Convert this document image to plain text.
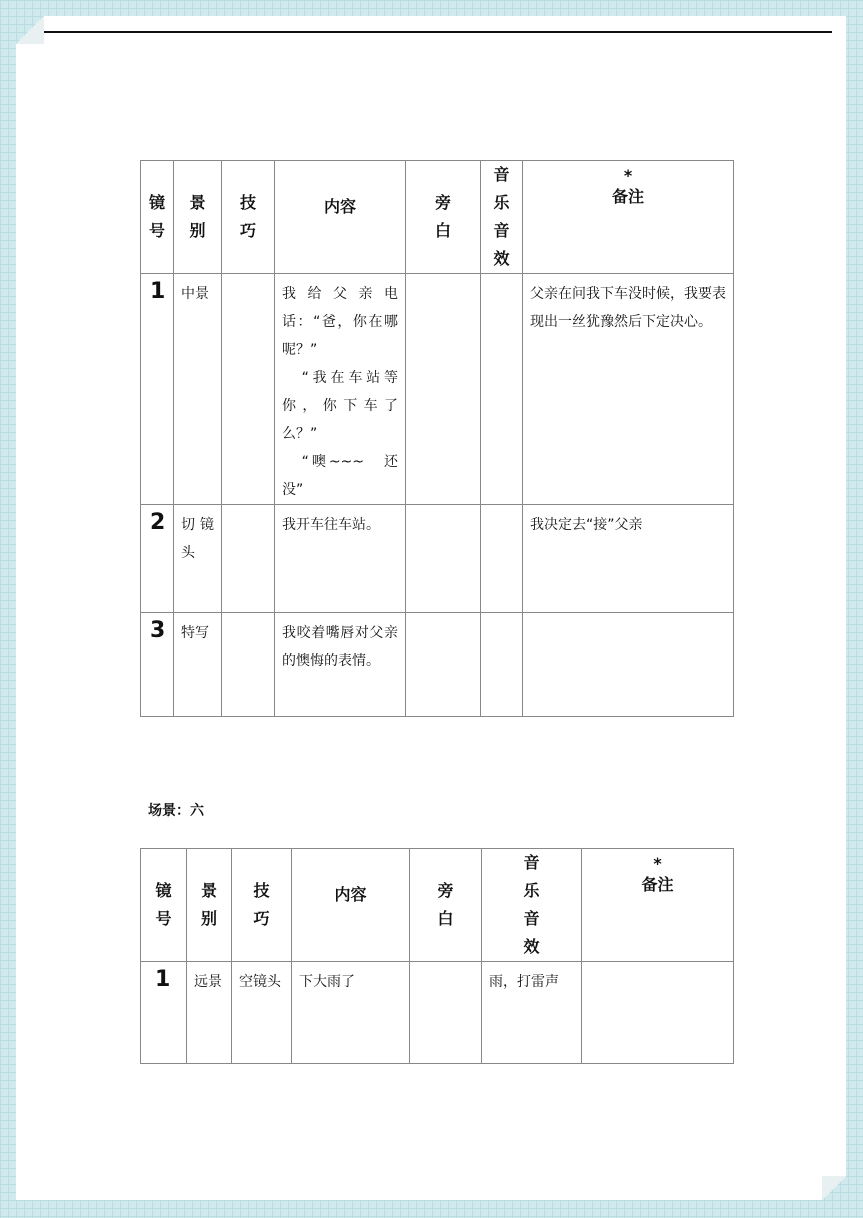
镜号	景别	技巧	内容	旁白	音乐音效	*
备注

1	中景		我给父亲电话：“爸，你在哪呢？”
“我在车站等你，你下车了么？”
“噢~~~　还没”			父亲在问我下车没时候，我要表现出一丝犹豫然后下定决心。

2	切镜头		我开车往车站。			我决定去“接”父亲

3	特写		我咬着嘴唇对父亲的懊悔的表情。			

场景：六
镜号	景别	技巧	内容	旁白	音乐音效	*
备注

1	远景	空镜头	下大雨了		雨，打雷声	
